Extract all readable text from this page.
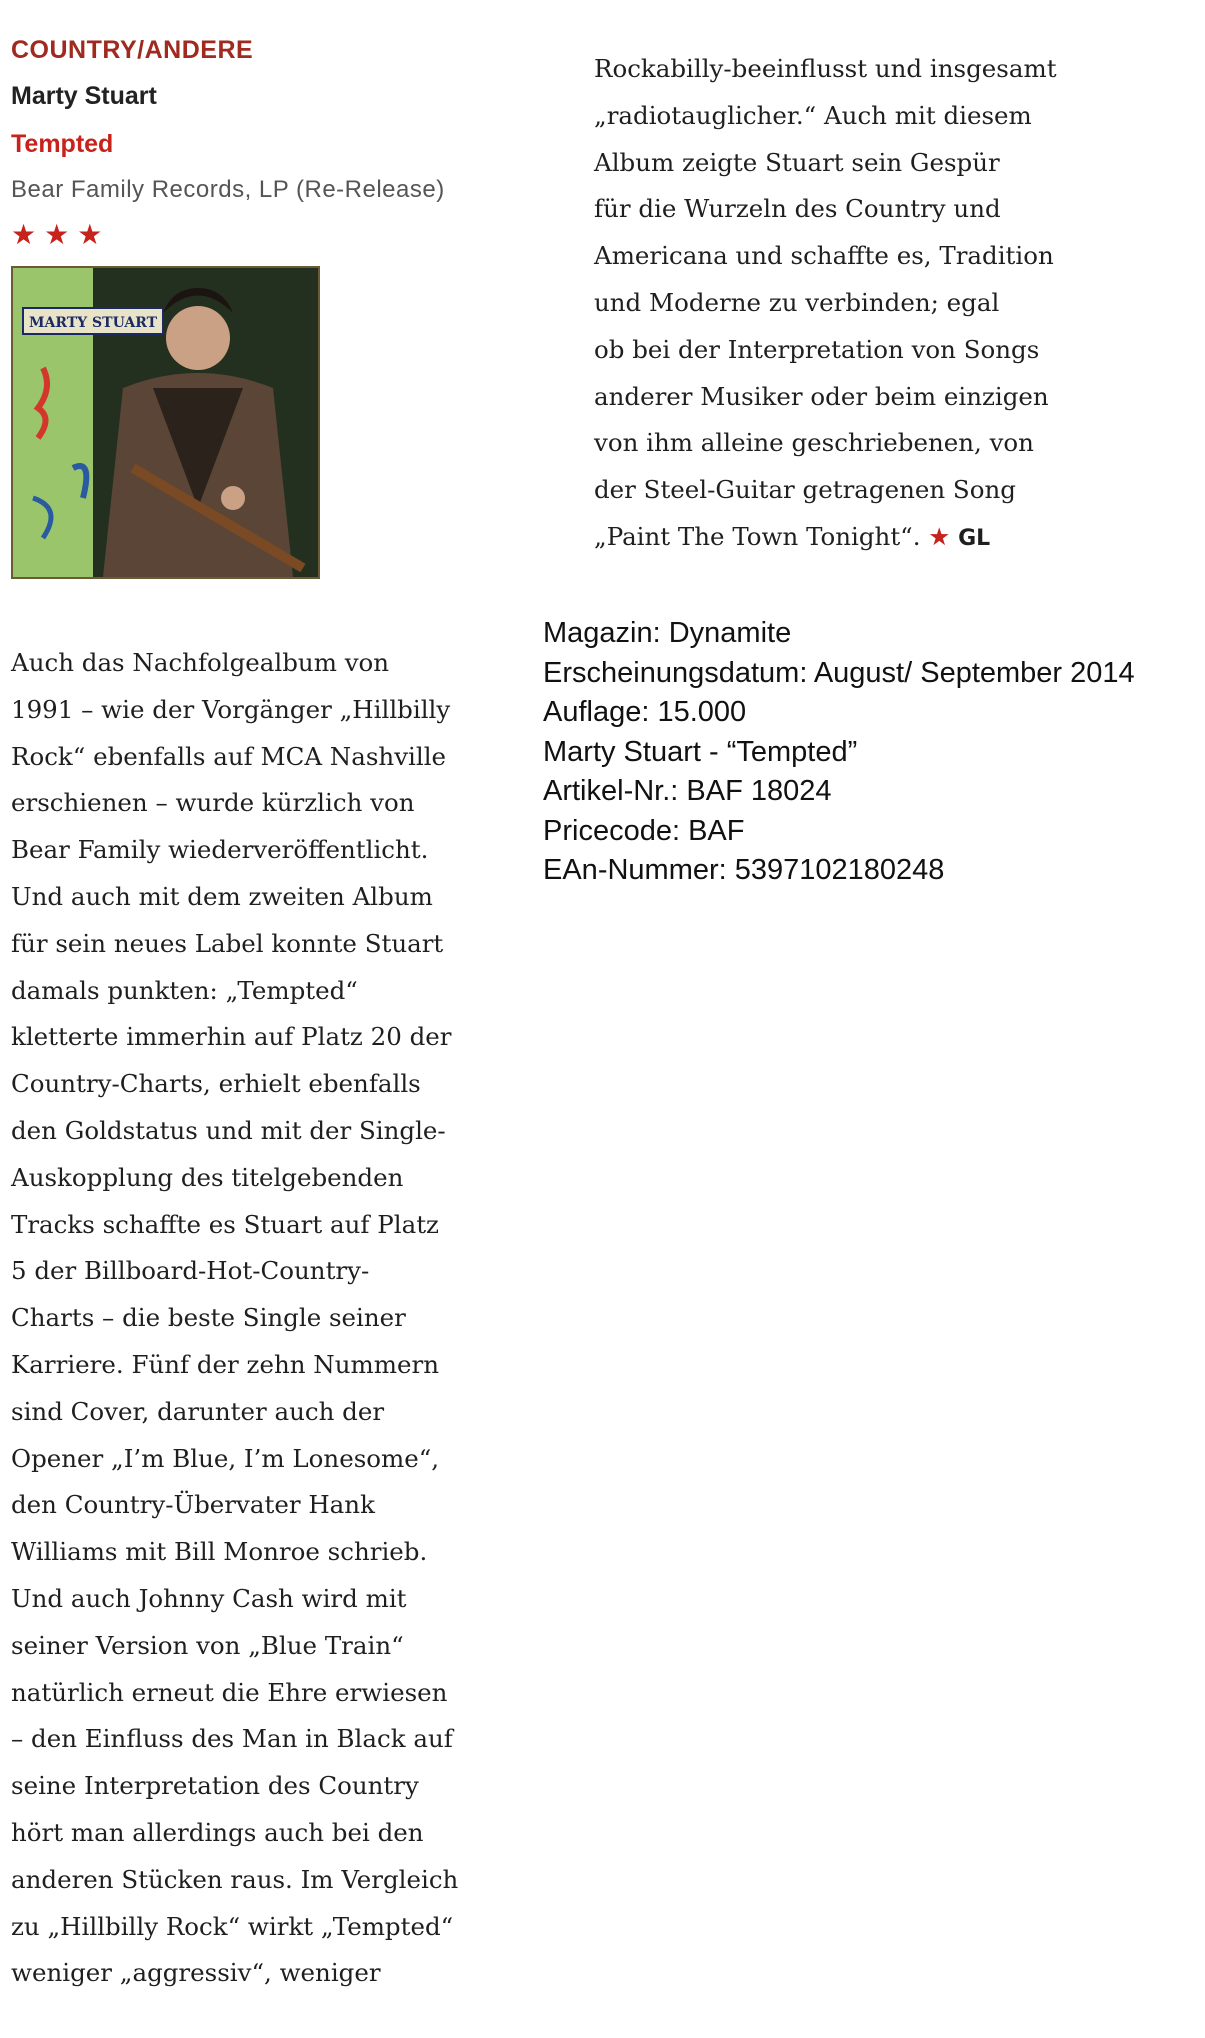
COUNTRY/ANDERE
Marty Stuart
Tempted
Bear Family Records, LP (Re-Release)
★★★
MARTY STUART
Auch das Nachfolgealbum von
1991 – wie der Vorgänger „Hillbilly
Rock“ ebenfalls auf MCA Nashville
erschienen – wurde kürzlich von
Bear Family wiederveröffentlicht.
Und auch mit dem zweiten Album
für sein neues Label konnte Stuart
damals punkten: „Tempted“
kletterte immerhin auf Platz 20 der
Country-Charts, erhielt ebenfalls
den Goldstatus und mit der Single-
Auskopplung des titelgebenden
Tracks schaffte es Stuart auf Platz
5 der Billboard-Hot-Country-
Charts – die beste Single seiner
Karriere. Fünf der zehn Nummern
sind Cover, darunter auch der
Opener „I’m Blue, I’m Lonesome“,
den Country-Übervater Hank
Williams mit Bill Monroe schrieb.
Und auch Johnny Cash wird mit
seiner Version von „Blue Train“
natürlich erneut die Ehre erwiesen
– den Einfluss des Man in Black auf
seine Interpretation des Country
hört man allerdings auch bei den
anderen Stücken raus. Im Vergleich
zu „Hillbilly Rock“ wirkt „Tempted“
weniger „aggressiv“, weniger
Rockabilly-beeinflusst und insgesamt
„radiotauglicher.“ Auch mit diesem
Album zeigte Stuart sein Gespür
für die Wurzeln des Country und
Americana und schaffte es, Tradition
und Moderne zu verbinden; egal
ob bei der Interpretation von Songs
anderer Musiker oder beim einzigen
von ihm alleine geschriebenen, von
der Steel-Guitar getragenen Song
„Paint The Town Tonight“. ★ GL
Magazin: Dynamite
Erscheinungsdatum: August/ September 2014
Auflage: 15.000
Marty Stuart - “Tempted”
Artikel-Nr.: BAF 18024
Pricecode: BAF
EAn-Nummer: 5397102180248
